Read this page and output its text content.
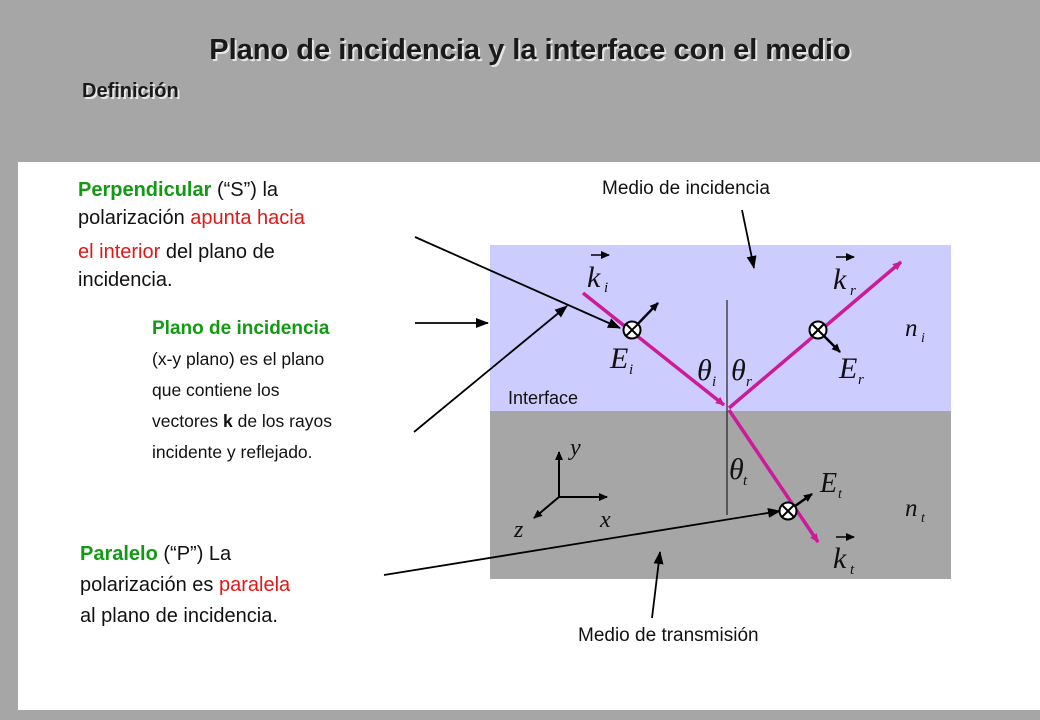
Plano de incidencia y la interface con el medio
Definición
y
x
z
k i	k r
k t
E i	E r
E t
θ i θ r
θ t
n i
n t
Medio de incidencia
Medio de transmisión
Interface
Perpendicular (“S”) la
polarización apunta hacia
el interior del plano de
incidencia.
Plano de incidencia
(x-y plano) es el plano
que contiene los
vectores k de los rayos
incidente y reflejado.
Paralelo (“P”) La
polarización es paralela
al plano de incidencia.
